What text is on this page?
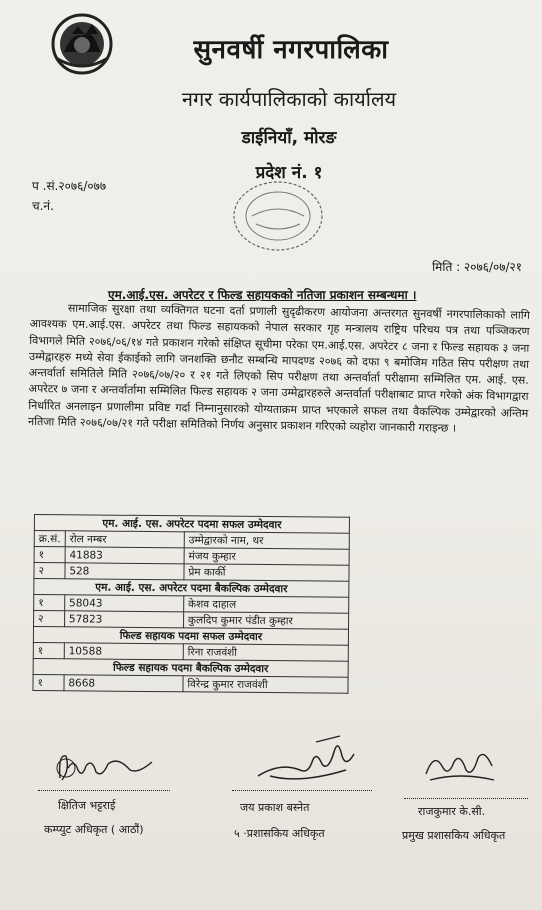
सुनवर्षी नगरपालिका
नगर कार्यपालिकाको कार्यालय
डाईनियाँ, मोरङ
प्रदेश नं. १
प .सं.२०७६/०७७
च.नं.
मिति : २०७६/०७/२१
एम.आई.एस. अपरेटर र फिल्ड सहायकको नतिजा प्रकाशन सम्बन्धमा ।
सामाजिक सुरक्षा तथा व्यक्तिगत घटना दर्ता प्रणाली सुदृढीकरण आयोजना अन्तरगत सुनवर्षी नगरपालिकाको लागि आवश्यक एम.आई.एस. अपरेटर तथा फिल्ड सहायकको नेपाल सरकार गृह मन्त्रालय राष्ट्रिय परिचय पत्र तथा पञ्जिकरण विभागले मिति २०७६/०६/१४ गते प्रकाशन गरेको संक्षिप्त सूचीमा परेका एम.आई.एस. अपरेटर ८ जना र फिल्ड सहायक ३ जना उम्मेद्वारहरु मध्ये सेवा ईकाईको लागि जनशक्ति छनौट सम्बन्धि मापदण्ड २०७६ को दफा ९ बमोजिम गठित सिप परीक्षण तथा अन्तर्वार्ता समितिले मिति २०७६/०७/२० र २१ गते लिएको सिप परीक्षण तथा अन्तर्वार्ता परीक्षामा सम्मिलित एम. आई. एस. अपरेटर ७ जना र अन्तर्वार्तामा सम्मिलित फिल्ड सहायक २ जना उम्मेद्वारहरुले अन्तर्वार्ता परीक्षाबाट प्राप्त गरेको अंक विभागद्वारा निर्धारित अनलाइन प्रणालीमा प्रविष्ट गर्दा निम्नानुसारको योग्यताक्रम प्राप्त भएकाले सफल तथा वैकल्पिक उम्मेद्वारको अन्तिम नतिजा मिति २०७६/०७/२१ गते परीक्षा समितिको निर्णय अनुसार प्रकाशन गरिएको व्यहोरा जानकारी गराइन्छ ।
एम. आई. एस. अपरेटर पदमा सफल उम्मेदवार		
क्र.सं.	रोल नम्बर	उम्मेद्वारको नाम, थर
१	41883	मंजय कुम्हार
२	528	प्रेम कार्की
एम. आई. एस. अपरेटर पदमा बैकल्पिक उम्मेदवार		
१	58043	केशव दाहाल
२	57823	कुलदिप कुमार पंडीत कुम्हार
फिल्ड सहायक पदमा सफल उम्मेदवार		
१	10588	रिना राजवंशी
फिल्ड सहायक पदमा बैकल्पिक उम्मेदवार		
१	8668	विरेन्द्र कुमार राजवंशी
क्षितिज भट्टराई
कम्प्युट अधिकृत ( आठौं)
जय प्रकाश बस्नेत
५ ·प्रशासकिय अधिकृत
राजकुमार के.सी.
प्रमुख प्रशासकिय अधिकृत
